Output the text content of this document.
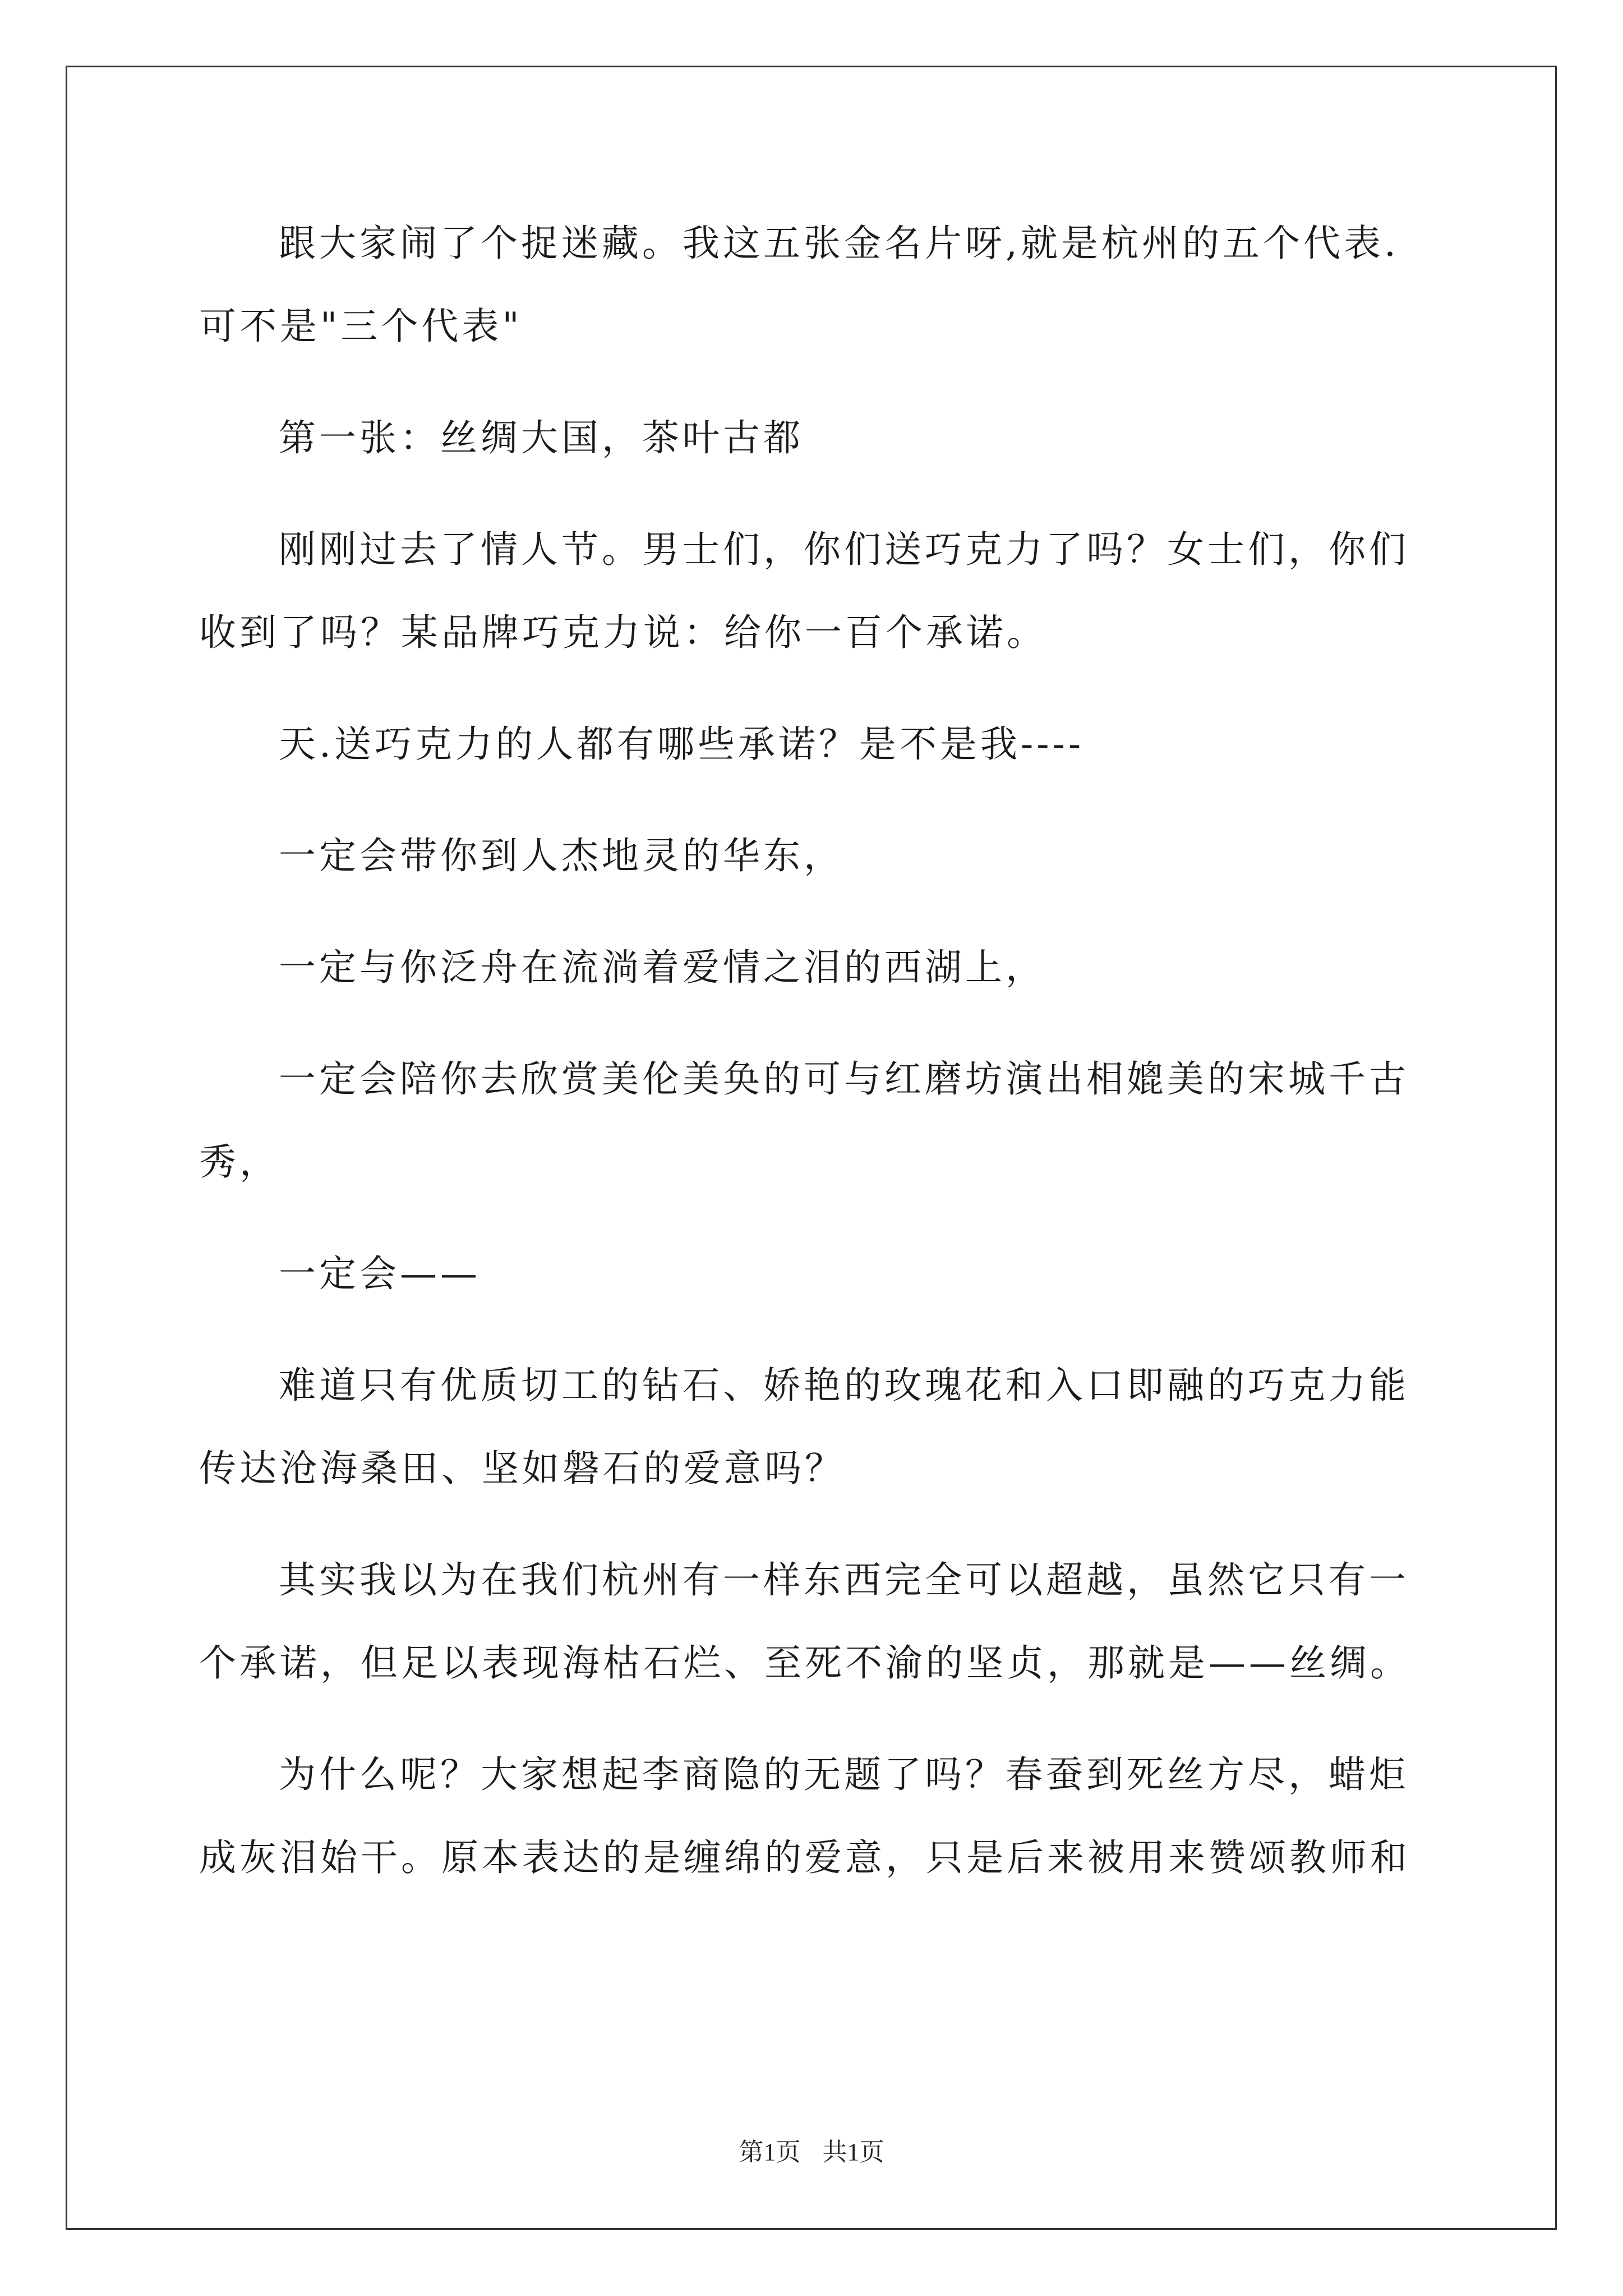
跟大家闹了个捉迷藏。我这五张金名片呀,就是杭州的五个代表.可不是"三个代表"

第一张：丝绸大国，茶叶古都

刚刚过去了情人节。男士们，你们送巧克力了吗？女士们，你们收到了吗？某品牌巧克力说：给你一百个承诺。

天.送巧克力的人都有哪些承诺？是不是我----

一定会带你到人杰地灵的华东，

一定与你泛舟在流淌着爱情之泪的西湖上，

一定会陪你去欣赏美伦美奂的可与红磨坊演出相媲美的宋城千古秀，

一定会——

难道只有优质切工的钻石、娇艳的玫瑰花和入口即融的巧克力能传达沧海桑田、坚如磐石的爱意吗？

其实我以为在我们杭州有一样东西完全可以超越，虽然它只有一个承诺，但足以表现海枯石烂、至死不渝的坚贞，那就是——丝绸。

为什么呢？大家想起李商隐的无题了吗？春蚕到死丝方尽，蜡炬成灰泪始干。原本表达的是缠绵的爱意，只是后来被用来赞颂教师和

第1页 共1页
